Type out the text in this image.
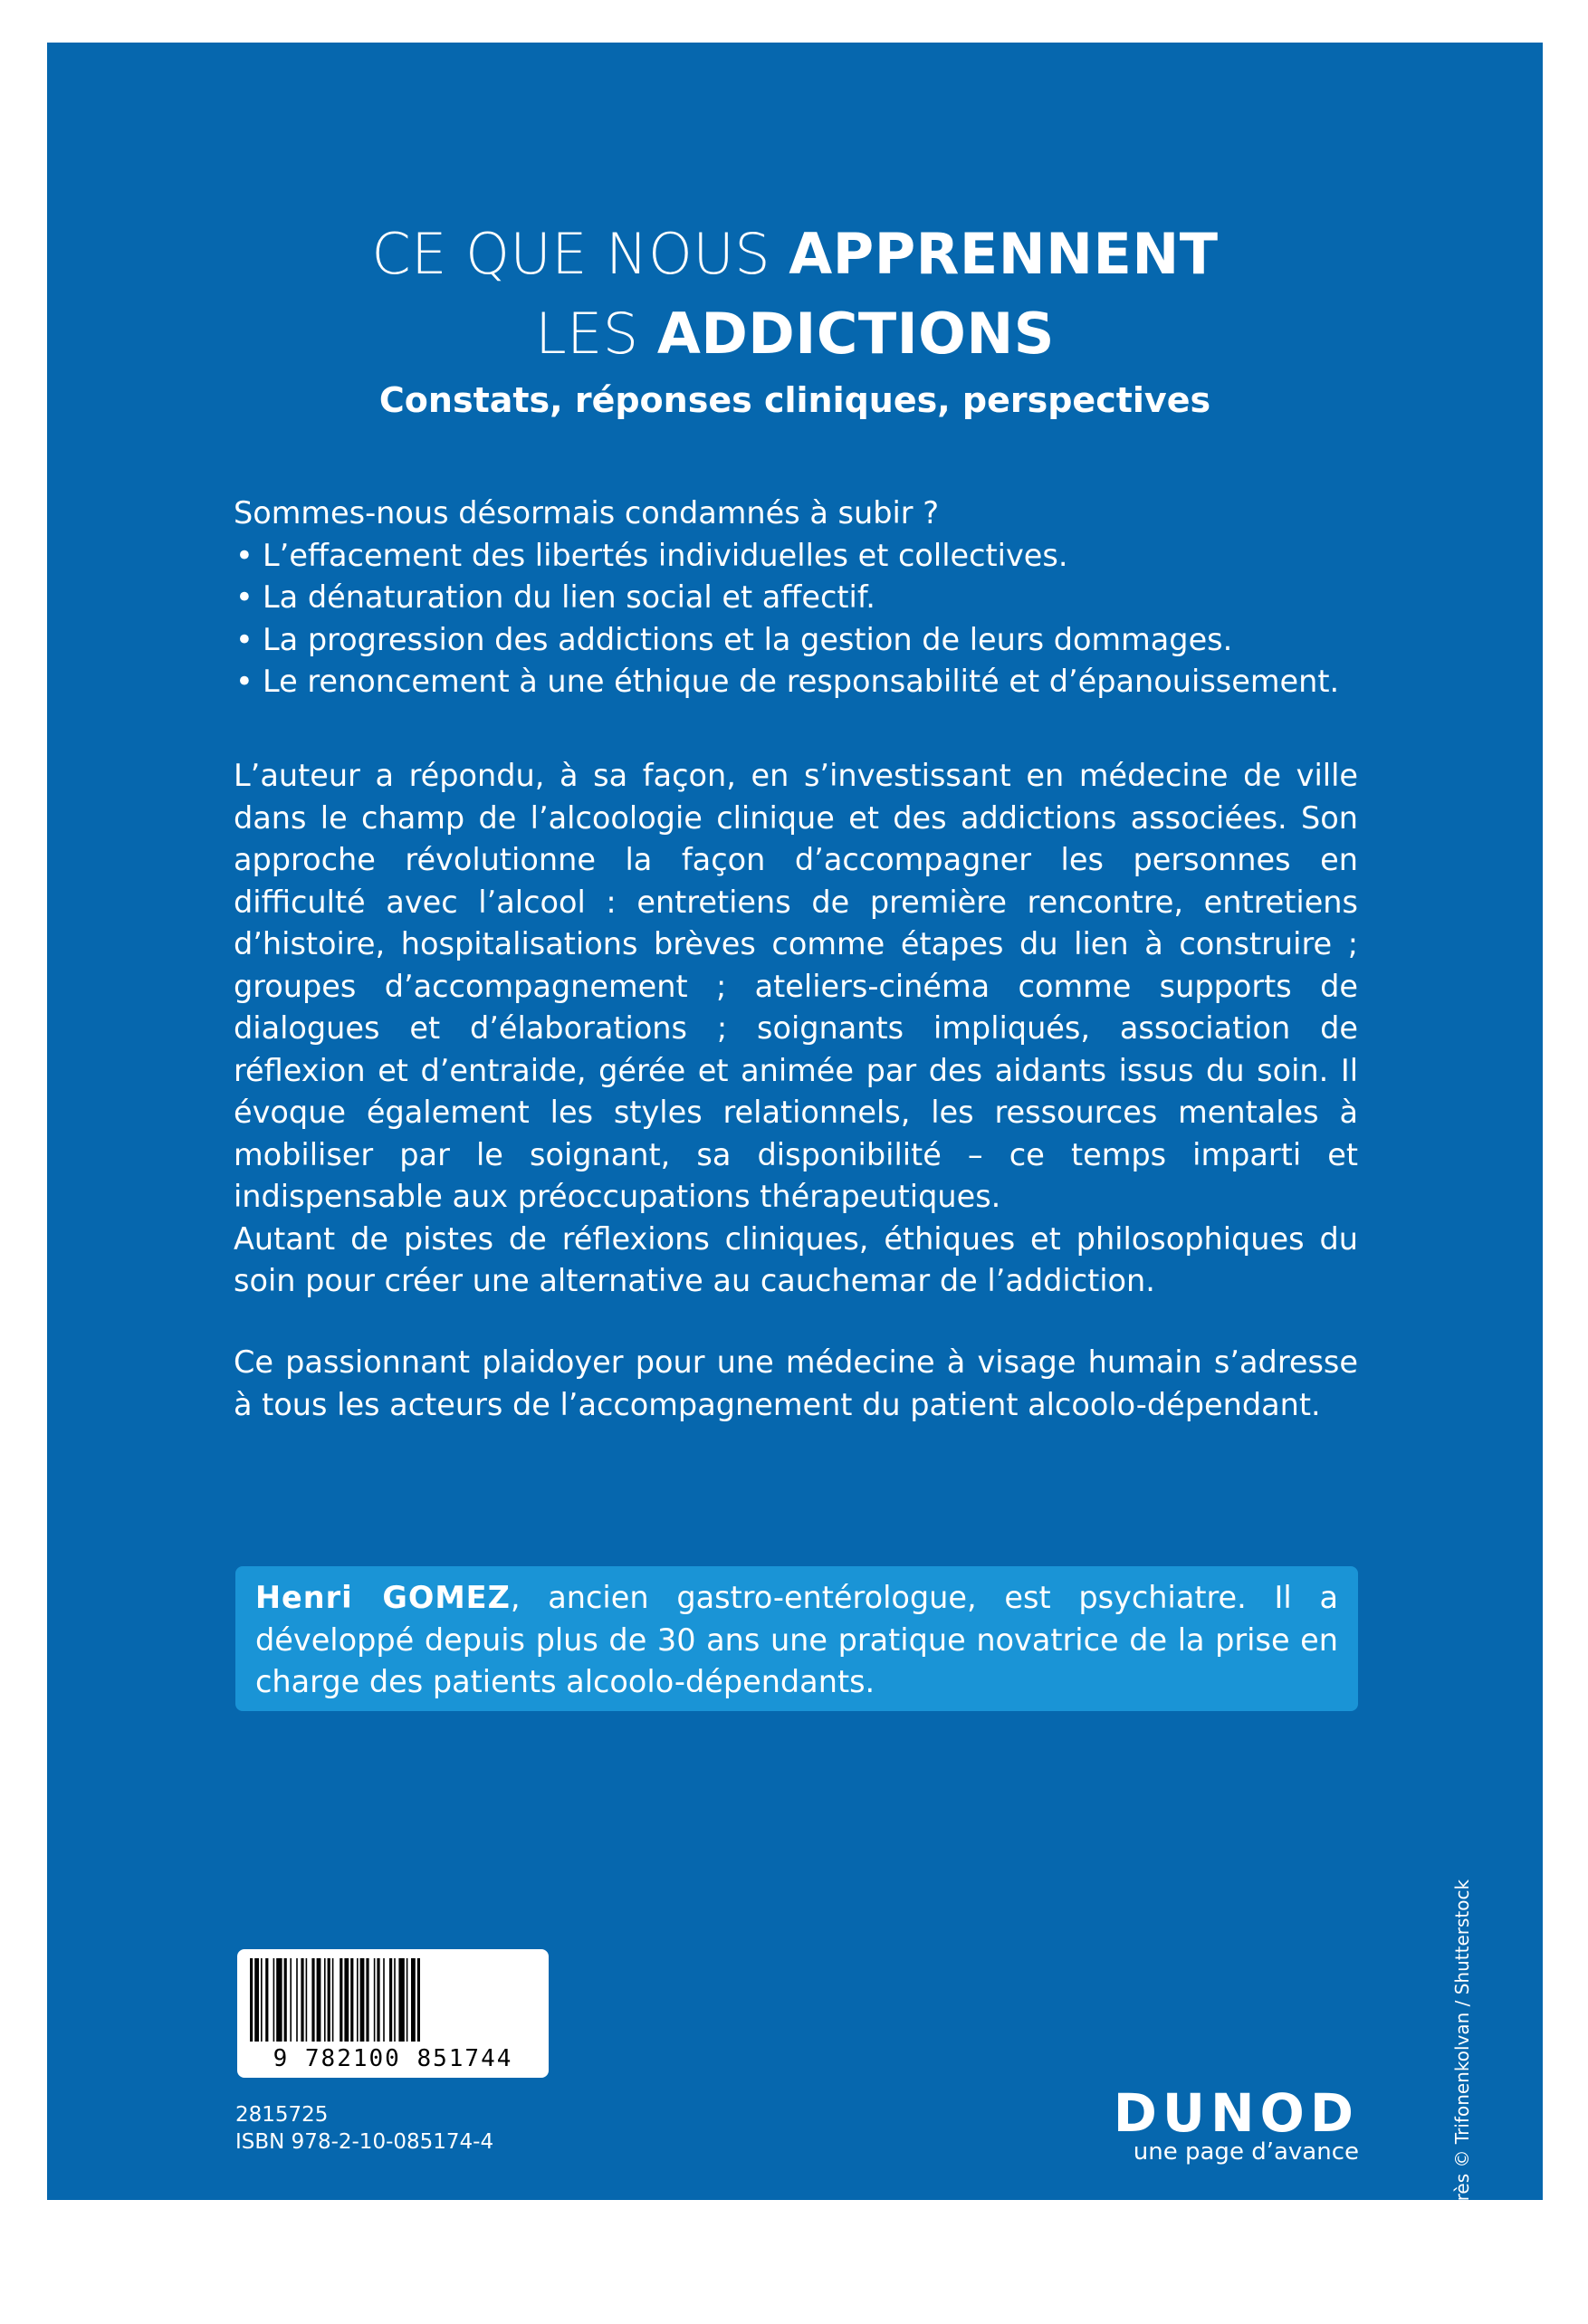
CE QUE NOUS APPRENNENT
LES ADDICTIONS
Constats, réponses cliniques, perspectives

Sommes-nous désormais condamnés à subir ?

• L’effacement des libertés individuelles et collectives.
• La dénaturation du lien social et affectif.
• La progression des addictions et la gestion de leurs dommages.
• Le renoncement à une éthique de responsabilité et d’épanouissement.
L’auteur a répondu, à sa façon, en s’investissant en médecine de ville dans le champ de l’alcoologie clinique et des addictions associées. Son approche révolutionne la façon d’accompagner les personnes en difficulté avec l’alcool : entretiens de première rencontre, entretiens d’histoire, hospitalisations brèves comme étapes du lien à construire ; groupes d’accompagnement ; ateliers-cinéma comme supports de dialogues et d’élaborations ; soignants impliqués, association de réflexion et d’entraide, gérée et animée par des aidants issus du soin. Il évoque également les styles relationnels, les ressources mentales à mobiliser par le soignant, sa disponibilité – ce temps imparti et indispensable aux préoccupations thérapeutiques.
Autant de pistes de réflexions cliniques, éthiques et philosophiques du soin pour créer une alternative au cauchemar de l’addiction.
Ce passionnant plaidoyer pour une médecine à visage humain s’adresse à tous les acteurs de l’accompagnement du patient alcoolo-dépendant.
Henri GOMEZ, ancien gastro-entérologue, est psychiatre. Il a développé depuis plus de 30 ans une pratique novatrice de la prise en charge des patients alcoolo-dépendants.
D’après © Trifonenkolvan / Shutterstock
9 782100 851744
2815725
ISBN 978-2-10-085174-4	DUNOD
une page d’avance
